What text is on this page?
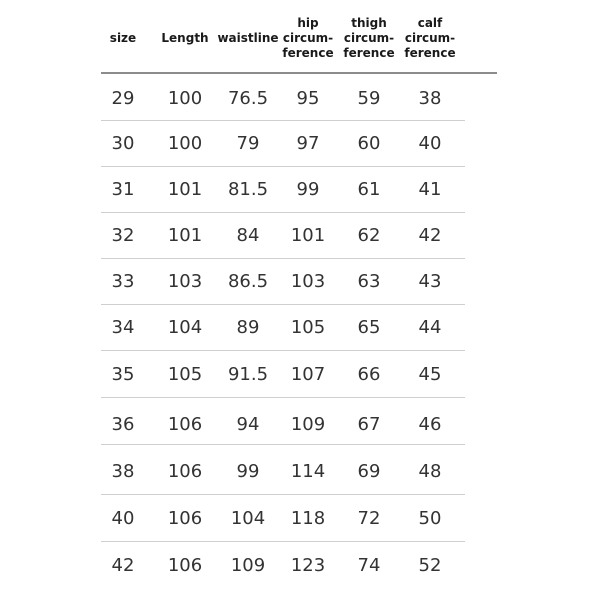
size Length waistline
hip
circum-
ference
thigh
circum-
ference
calf
circum-
ference
29 100 76.5 95 59 38
30 100 79 97 60 40
31 101 81.5 99 61 41
32 101 84 101 62 42
33 103 86.5 103 63 43
34 104 89 105 65 44
35 105 91.5 107 66 45
36 106 94 109 67 46
38 106 99 114 69 48
40 106 104 118 72 50
42 106 109 123 74 52
